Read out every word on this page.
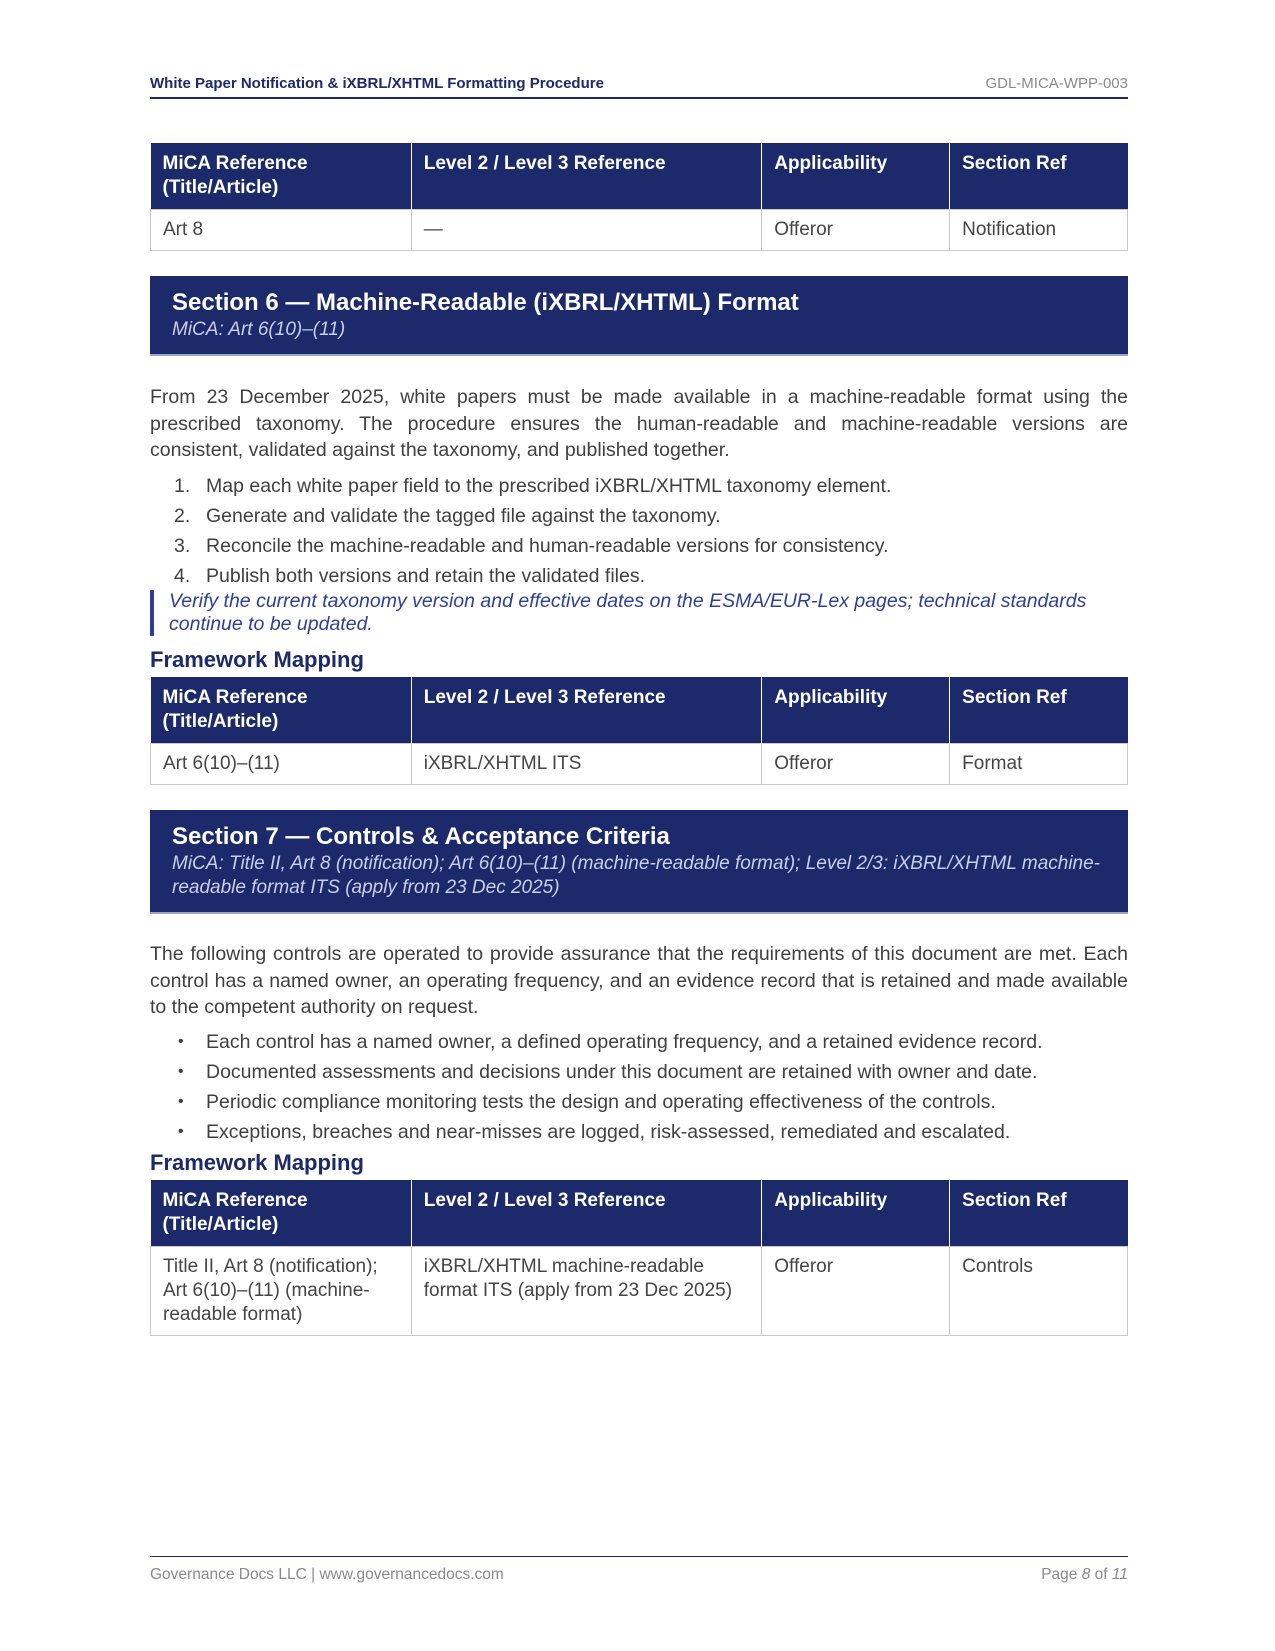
White Paper Notification & iXBRL/XHTML Formatting Procedure	GDL-MICA-WPP-003
MiCA Reference (Title/Article)	Level 2 / Level 3 Reference	Applicability	Section Ref
Art 8	—	Offeror	Notification
Section 6 — Machine-Readable (iXBRL/XHTML) Format
MiCA: Art 6(10)–(11)

From 23 December 2025, white papers must be made available in a machine-readable format using the prescribed taxonomy. The procedure ensures the human-readable and machine-readable versions are consistent, validated against the taxonomy, and published together.

1. Map each white paper field to the prescribed iXBRL/XHTML taxonomy element.
2. Generate and validate the tagged file against the taxonomy.
3. Reconcile the machine-readable and human-readable versions for consistency.
4. Publish both versions and retain the validated files.
Verify the current taxonomy version and effective dates on the ESMA/EUR-Lex pages; technical standards continue to be updated.
Framework Mapping
MiCA Reference (Title/Article)	Level 2 / Level 3 Reference	Applicability	Section Ref
Art 6(10)–(11)	iXBRL/XHTML ITS	Offeror	Format
Section 7 — Controls & Acceptance Criteria
MiCA: Title II, Art 8 (notification); Art 6(10)–(11) (machine-readable format); Level 2/3: iXBRL/XHTML machine-readable format ITS (apply from 23 Dec 2025)

The following controls are operated to provide assurance that the requirements of this document are met. Each control has a named owner, an operating frequency, and an evidence record that is retained and made available to the competent authority on request.

•	Each control has a named owner, a defined operating frequency, and a retained evidence record.
•	Documented assessments and decisions under this document are retained with owner and date.
•	Periodic compliance monitoring tests the design and operating effectiveness of the controls.
•	Exceptions, breaches and near-misses are logged, risk-assessed, remediated and escalated.
Framework Mapping
MiCA Reference (Title/Article)	Level 2 / Level 3 Reference	Applicability	Section Ref
Title II, Art 8 (notification); Art 6(10)–(11) (machine-readable format)	iXBRL/XHTML machine-readable format ITS (apply from 23 Dec 2025)	Offeror	Controls
Governance Docs LLC | www.governancedocs.com	Page 8 of 11
